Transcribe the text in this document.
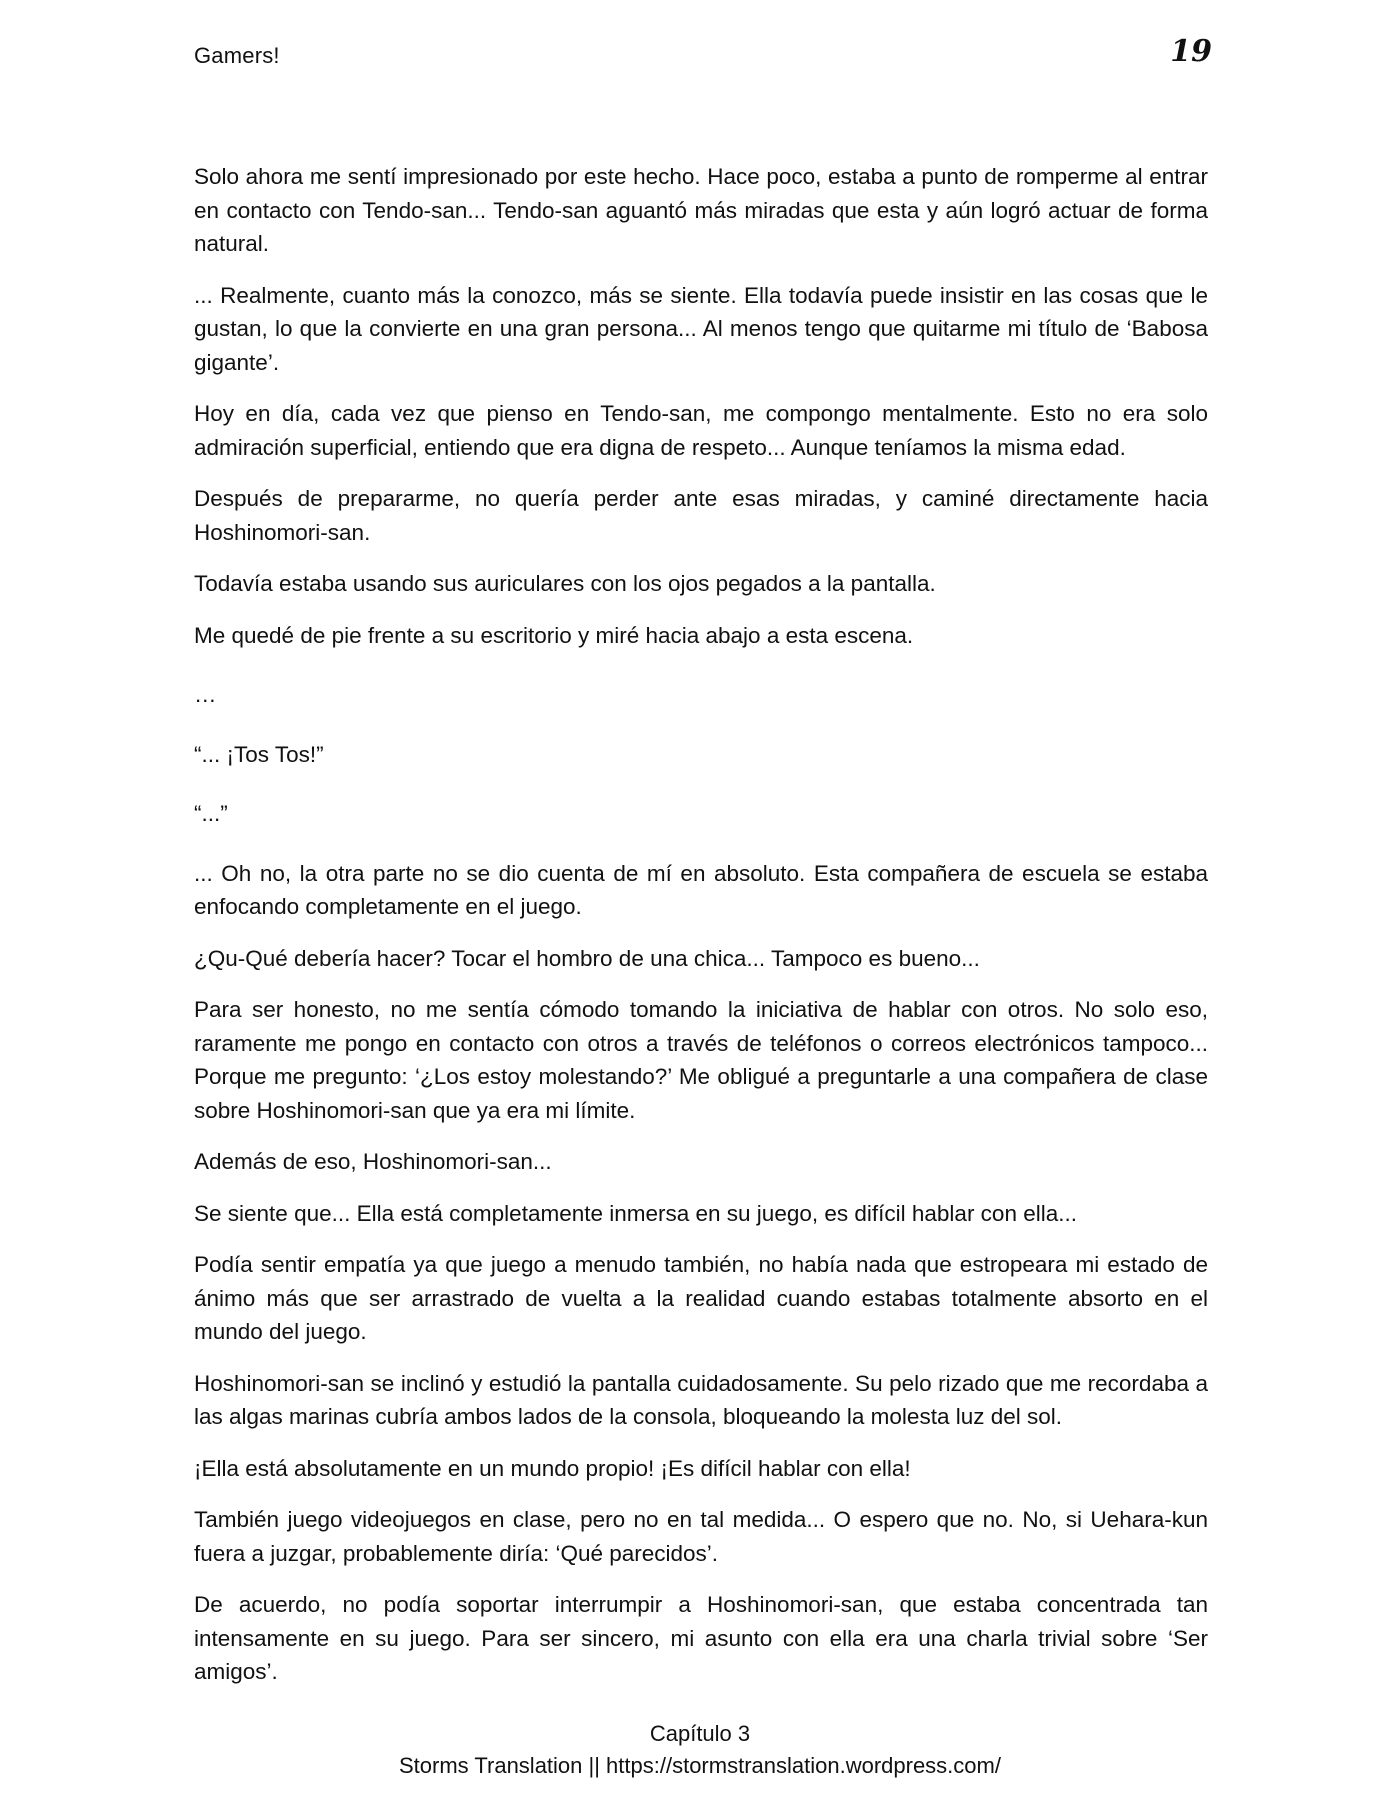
Gamers!	19

Solo ahora me sentí impresionado por este hecho. Hace poco, estaba a punto de romperme al entrar en contacto con Tendo-san... Tendo-san aguantó más miradas que esta y aún logró actuar de forma natural.

... Realmente, cuanto más la conozco, más se siente. Ella todavía puede insistir en las cosas que le gustan, lo que la convierte en una gran persona... Al menos tengo que quitarme mi título de ‘Babosa gigante’.

Hoy en día, cada vez que pienso en Tendo-san, me compongo mentalmente. Esto no era solo admiración superficial, entiendo que era digna de respeto... Aunque teníamos la misma edad.

Después de prepararme, no quería perder ante esas miradas, y caminé directamente hacia Hoshinomori-san.

Todavía estaba usando sus auriculares con los ojos pegados a la pantalla.

Me quedé de pie frente a su escritorio y miré hacia abajo a esta escena.

…

“... ¡Tos Tos!”

“...”

... Oh no, la otra parte no se dio cuenta de mí en absoluto. Esta compañera de escuela se estaba enfocando completamente en el juego.

¿Qu-Qué debería hacer? Tocar el hombro de una chica... Tampoco es bueno...

Para ser honesto, no me sentía cómodo tomando la iniciativa de hablar con otros. No solo eso, raramente me pongo en contacto con otros a través de teléfonos o correos electrónicos tampoco... Porque me pregunto: ‘¿Los estoy molestando?’ Me obligué a preguntarle a una compañera de clase sobre Hoshinomori-san que ya era mi límite.

Además de eso, Hoshinomori-san...

Se siente que... Ella está completamente inmersa en su juego, es difícil hablar con ella...

Podía sentir empatía ya que juego a menudo también, no había nada que estropeara mi estado de ánimo más que ser arrastrado de vuelta a la realidad cuando estabas totalmente absorto en el mundo del juego.

Hoshinomori-san se inclinó y estudió la pantalla cuidadosamente. Su pelo rizado que me recordaba a las algas marinas cubría ambos lados de la consola, bloqueando la molesta luz del sol.

¡Ella está absolutamente en un mundo propio! ¡Es difícil hablar con ella!

También juego videojuegos en clase, pero no en tal medida... O espero que no. No, si Uehara-kun fuera a juzgar, probablemente diría: ‘Qué parecidos’.

De acuerdo, no podía soportar interrumpir a Hoshinomori-san, que estaba concentrada tan intensamente en su juego. Para ser sincero, mi asunto con ella era una charla trivial sobre ‘Ser amigos’.

Capítulo 3
Storms Translation || https://stormstranslation.wordpress.com/
